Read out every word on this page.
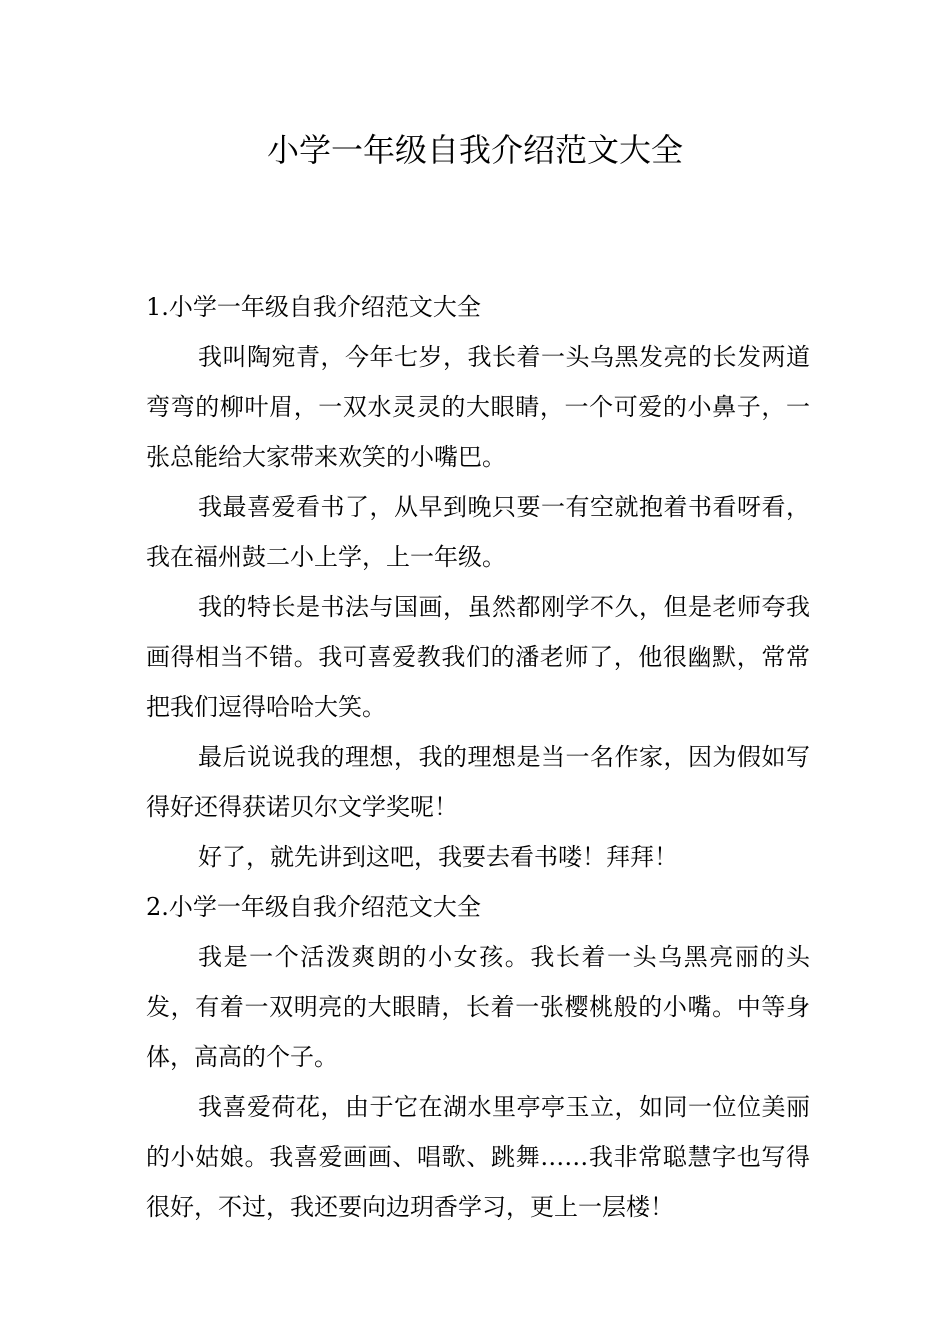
小学一年级自我介绍范文大全

1.小学一年级自我介绍范文大全

我叫陶宛青，今年七岁，我长着一头乌黑发亮的长发两道弯弯的柳叶眉，一双水灵灵的大眼睛，一个可爱的小鼻子，一张总能给大家带来欢笑的小嘴巴。

我最喜爱看书了，从早到晚只要一有空就抱着书看呀看，我在福州鼓二小上学，上一年级。

我的特长是书法与国画，虽然都刚学不久，但是老师夸我画得相当不错。我可喜爱教我们的潘老师了，他很幽默，常常把我们逗得哈哈大笑。

最后说说我的理想，我的理想是当一名作家，因为假如写得好还得获诺贝尔文学奖呢！

好了，就先讲到这吧，我要去看书喽！拜拜！

2.小学一年级自我介绍范文大全

我是一个活泼爽朗的小女孩。我长着一头乌黑亮丽的头发，有着一双明亮的大眼睛，长着一张樱桃般的小嘴。中等身体，高高的个子。

我喜爱荷花，由于它在湖水里亭亭玉立，如同一位位美丽的小姑娘。我喜爱画画、唱歌、跳舞……我非常聪慧字也写得很好，不过，我还要向边玥香学习，更上一层楼！
